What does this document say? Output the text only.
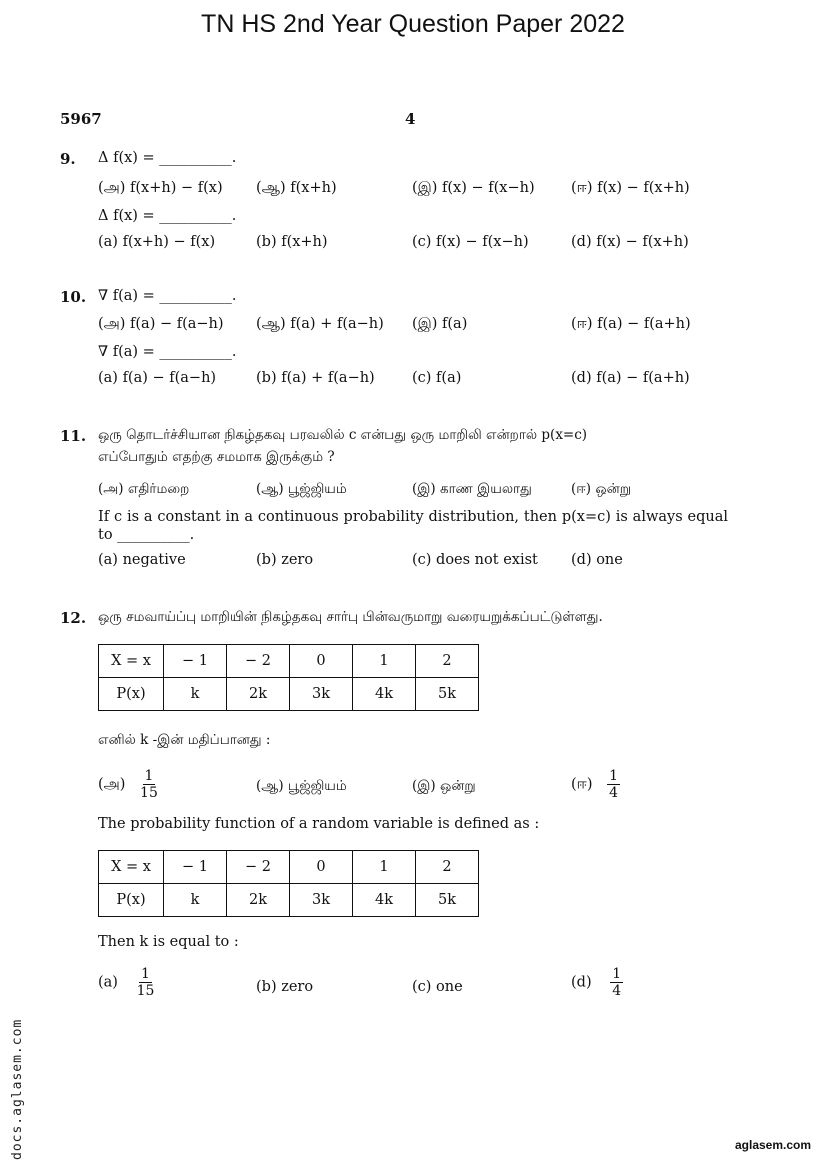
TN HS 2nd Year Question Paper 2022
5967	4
9. Δ f(x) = __________.
(அ) f(x+h) − f(x) (ஆ) f(x+h)	(இ) f(x) − f(x−h)	(ஈ) f(x) − f(x+h)
Δ f(x) = __________.
(a) f(x+h) − f(x)	(b) f(x+h)	(c) f(x) − f(x−h)	(d) f(x) − f(x+h)
10. ∇ f(a) = __________.
(அ) f(a) − f(a−h) (ஆ) f(a) + f(a−h) (இ) f(a)	(ஈ) f(a) − f(a+h)
∇ f(a) = __________.
(a) f(a) − f(a−h)	(b) f(a) + f(a−h)	(c) f(a)	(d) f(a) − f(a+h)
11. ஒரு தொடர்ச்சியான நிகழ்தகவு பரவலில் c என்பது ஒரு மாறிலி என்றால் p(x=c)
எப்போதும் எதற்கு சமமாக இருக்கும் ?
(அ) எதிர்மறை	(ஆ) பூஜ்ஜியம்	(இ) காண இயலாது	(ஈ) ஒன்று
If c is a constant in a continuous probability distribution, then p(x=c) is always equal to __________.
(a) negative	(b) zero	(c) does not exist (d) one
12. ஒரு சமவாய்ப்பு மாறியின் நிகழ்தகவு சார்பு பின்வருமாறு வரையறுக்கப்பட்டுள்ளது.
X = x	− 1	− 2	0	1	2
P(x)	k	2k	3k	4k	5k
எனில் k -இன் மதிப்பானது :
(அ) $\frac{1}{15}$	(ஆ) பூஜ்ஜியம்	(இ) ஒன்று	(ஈ) $\frac{1}{4}$
The probability function of a random variable is defined as :
X = x	− 1	− 2	0	1	2
P(x)	k	2k	3k	4k	5k
Then k is equal to :
$(a) \frac{1}{15}$	(b) zero	(c) one	$(d) \frac{1}{4}$
docs.aglasem.com	aglasem.com
